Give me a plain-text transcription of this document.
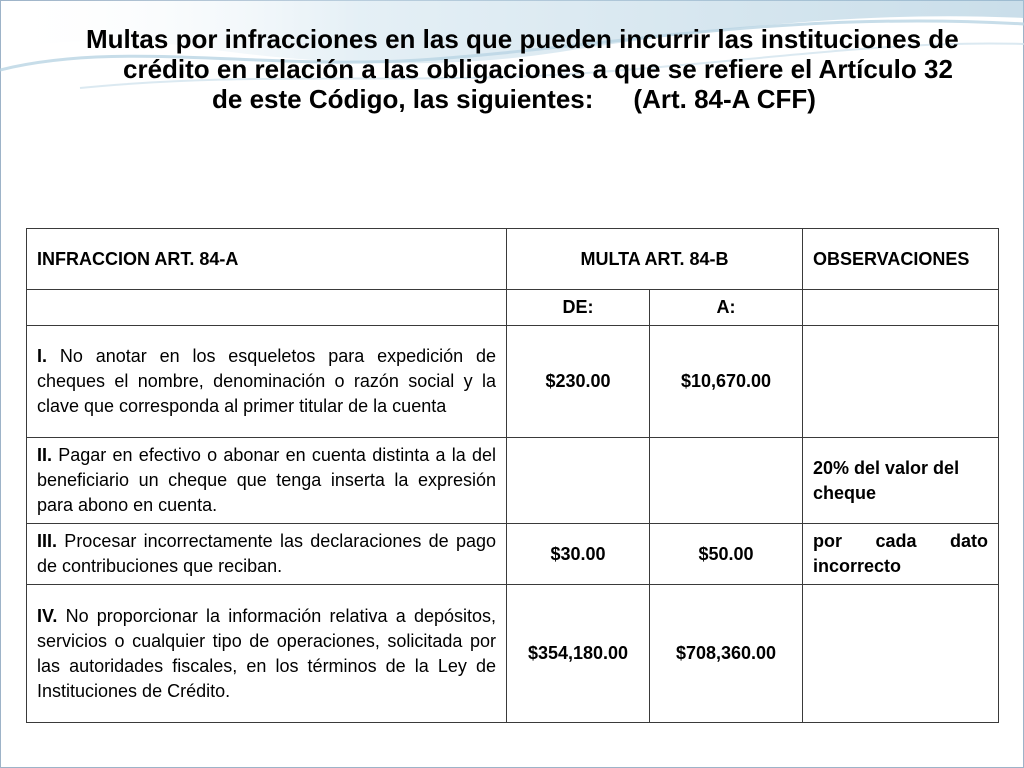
Multas por infracciones en las que pueden incurrir las instituciones de
crédito en relación a las obligaciones a que se refiere el Artículo 32
de este Código, las siguientes: (Art. 84-A CFF)
INFRACCION ART. 84-A	MULTA ART. 84-B		OBSERVACIONES
	DE:	A:	
I. No anotar en los esqueletos para expedición de cheques el nombre, denominación o razón social y la clave que corresponda al primer titular de la cuenta	$230.00	$10,670.00	
II. Pagar en efectivo o abonar en cuenta distinta a la del beneficiario un cheque que tenga inserta la expresión para abono en cuenta.			20% del valor del cheque
III. Procesar incorrectamente las declaraciones de pago de contribuciones que reciban.	$30.00	$50.00	por cada dato incorrecto
IV. No proporcionar la información relativa a depósitos, servicios o cualquier tipo de operaciones, solicitada por las autoridades fiscales, en los términos de la Ley de Instituciones de Crédito.	$354,180.00	$708,360.00	
